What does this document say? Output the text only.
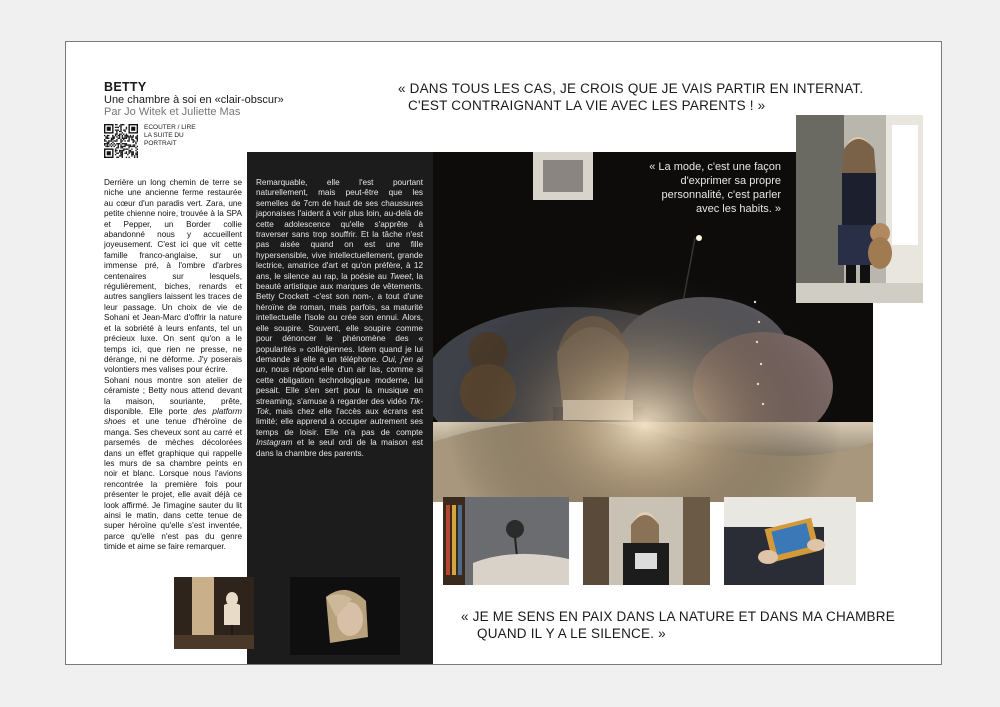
BETTY
Une chambre à soi en «clair-obscur»
Par Jo Witek et Juliette Mas
ECOUTER / LIRE
LA SUITE DU
PORTRAIT

Derrière un long chemin de terre se niche une ancienne ferme restaurée au cœur d'un paradis vert. Zara, une petite chienne noire, trouvée à la SPA et Pepper, un Border collie abandonné nous y accueillent joyeusement. C'est ici que vit cette famille franco-anglaise, sur un immense pré, à l'ombre d'arbres centenaires sur lesquels, régulièrement, biches, renards et autres sangliers laissent les traces de leur passage. Un choix de vie de Sohani et Jean-Marc d'offrir la nature et la sobriété à leurs enfants, tel un précieux luxe. On sent qu'on a le temps ici, que rien ne presse, ne dérange, ni ne déforme. J'y poserais volontiers mes valises pour écrire.

Sohani nous montre son atelier de céramiste ; Betty nous attend devant la maison, souriante, prête, disponible. Elle porte des platform shoes et une tenue d'héroïne de manga. Ses cheveux sont au carré et parsemés de mèches décolorées dans un effet graphique qui rappelle les murs de sa chambre peints en noir et blanc. Lorsque nous l'avions rencontrée la première fois pour présenter le projet, elle avait déjà ce look affirmé. Je l'imagine sauter du lit ainsi le matin, dans cette tenue de super héroïne qu'elle s'est inventée, parce qu'elle n'est pas du genre timide et aime se faire remarquer.

Remarquable, elle l'est pourtant naturellement, mais peut-être que les semelles de 7cm de haut de ses chaussures japonaises l'aident à voir plus loin, au-delà de cette adolescence qu'elle s'apprête à traverser sans trop souffrir. Et la tâche n'est pas aisée quand on est une fille hypersensible, vive intellectuellement, grande lectrice, amatrice d'art et qu'on préfère, à 12 ans, le silence au rap, la poésie au Tweet, la beauté artistique aux marques de vêtements. Betty Crockett -c'est son nom-, a tout d'une héroïne de roman, mais parfois, sa maturité intellectuelle l'isole ou crée son ennui. Alors, elle soupire. Souvent, elle soupire comme pour dénoncer le phénomène des « popularités » collégiennes. Idem quand je lui demande si elle a un téléphone. Oui, j'en ai un, nous répond-elle d'un air las, comme si cette obligation technologique moderne, lui pesait. Elle s'en sert pour la musique en streaming, s'amuse à regarder des vidéo Tik-Tok, mais chez elle l'accès aux écrans est limité; elle apprend à occuper autrement ses temps de loisir. Elle n'a pas de compte Instagram et le seul ordi de la maison est dans la chambre des parents.

« DANS TOUS LES CAS, JE CROIS QUE JE VAIS PARTIR EN INTERNAT.
C'EST CONTRAIGNANT LA VIE AVEC LES PARENTS ! »
« La mode, c'est une façon
d'exprimer sa propre
personnalité, c'est parler
avec les habits. »
« JE ME SENS EN PAIX DANS LA NATURE ET DANS MA CHAMBRE
QUAND IL Y A LE SILENCE. »
